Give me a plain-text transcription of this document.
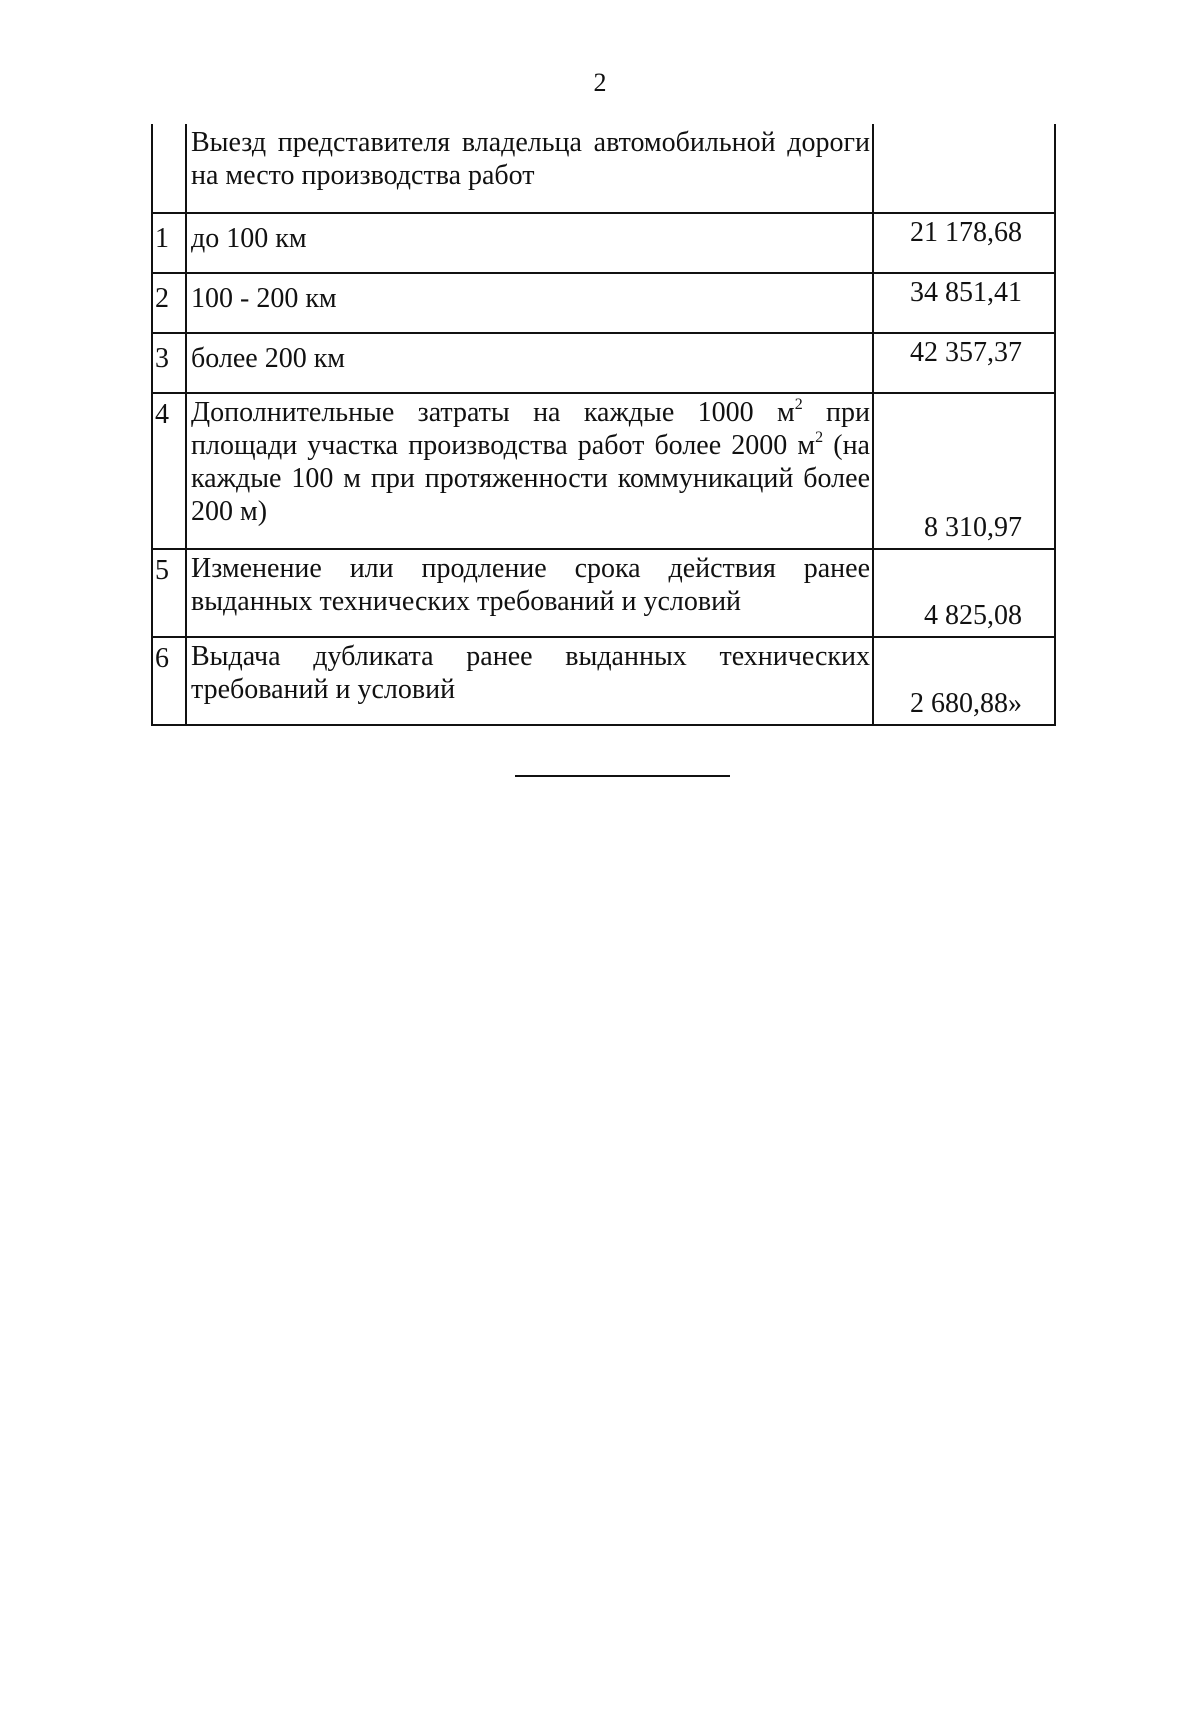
2
	Выезд представителя владельца автомобильной дороги на место производства работ	
1	до 100 км	21 178,68
2	100 - 200 км	34 851,41
3	более 200 км	42 357,37
4	Дополнительные затраты на каждые 1000 $м^2$ при площади участка производства работ более 2000 $м^2$ (на каждые 100 м при протяженности коммуникаций более 200 м)	8 310,97
5	Изменение или продление срока действия ранее выданных технических требований и условий	4 825,08
6	Выдача дубликата ранее выданных технических требований и условий	2 680,88»
